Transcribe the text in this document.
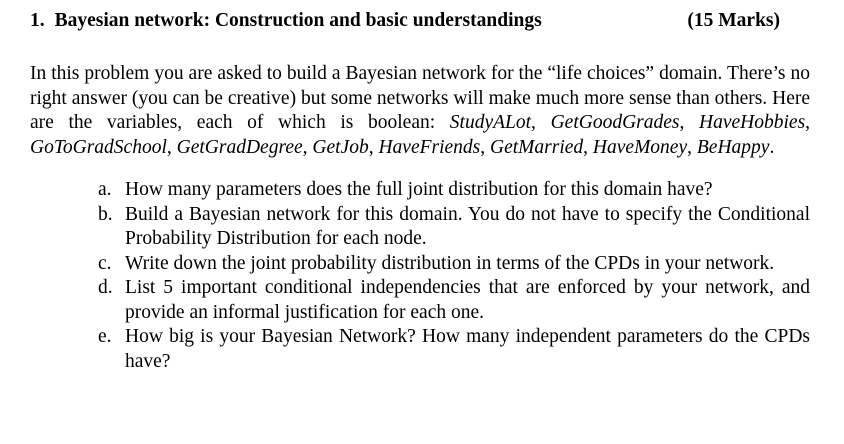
1. Bayesian network: Construction and basic understandings	(15 Marks)
In this problem you are asked to build a Bayesian network for the “life choices” domain. There’s no right answer (you can be creative) but some networks will make much more sense than others. Here are the variables, each of which is boolean: StudyALot, GetGoodGrades, HaveHobbies, GoToGradSchool, GetGradDegree, GetJob, HaveFriends, GetMarried, HaveMoney, BeHappy.
a. How many parameters does the full joint distribution for this domain have?
b. Build a Bayesian network for this domain. You do not have to specify the Conditional Probability Distribution for each node.
c. Write down the joint probability distribution in terms of the CPDs in your network.
d. List 5 important conditional independencies that are enforced by your network, and provide an informal justification for each one.
e. How big is your Bayesian Network? How many independent parameters do the CPDs have?
